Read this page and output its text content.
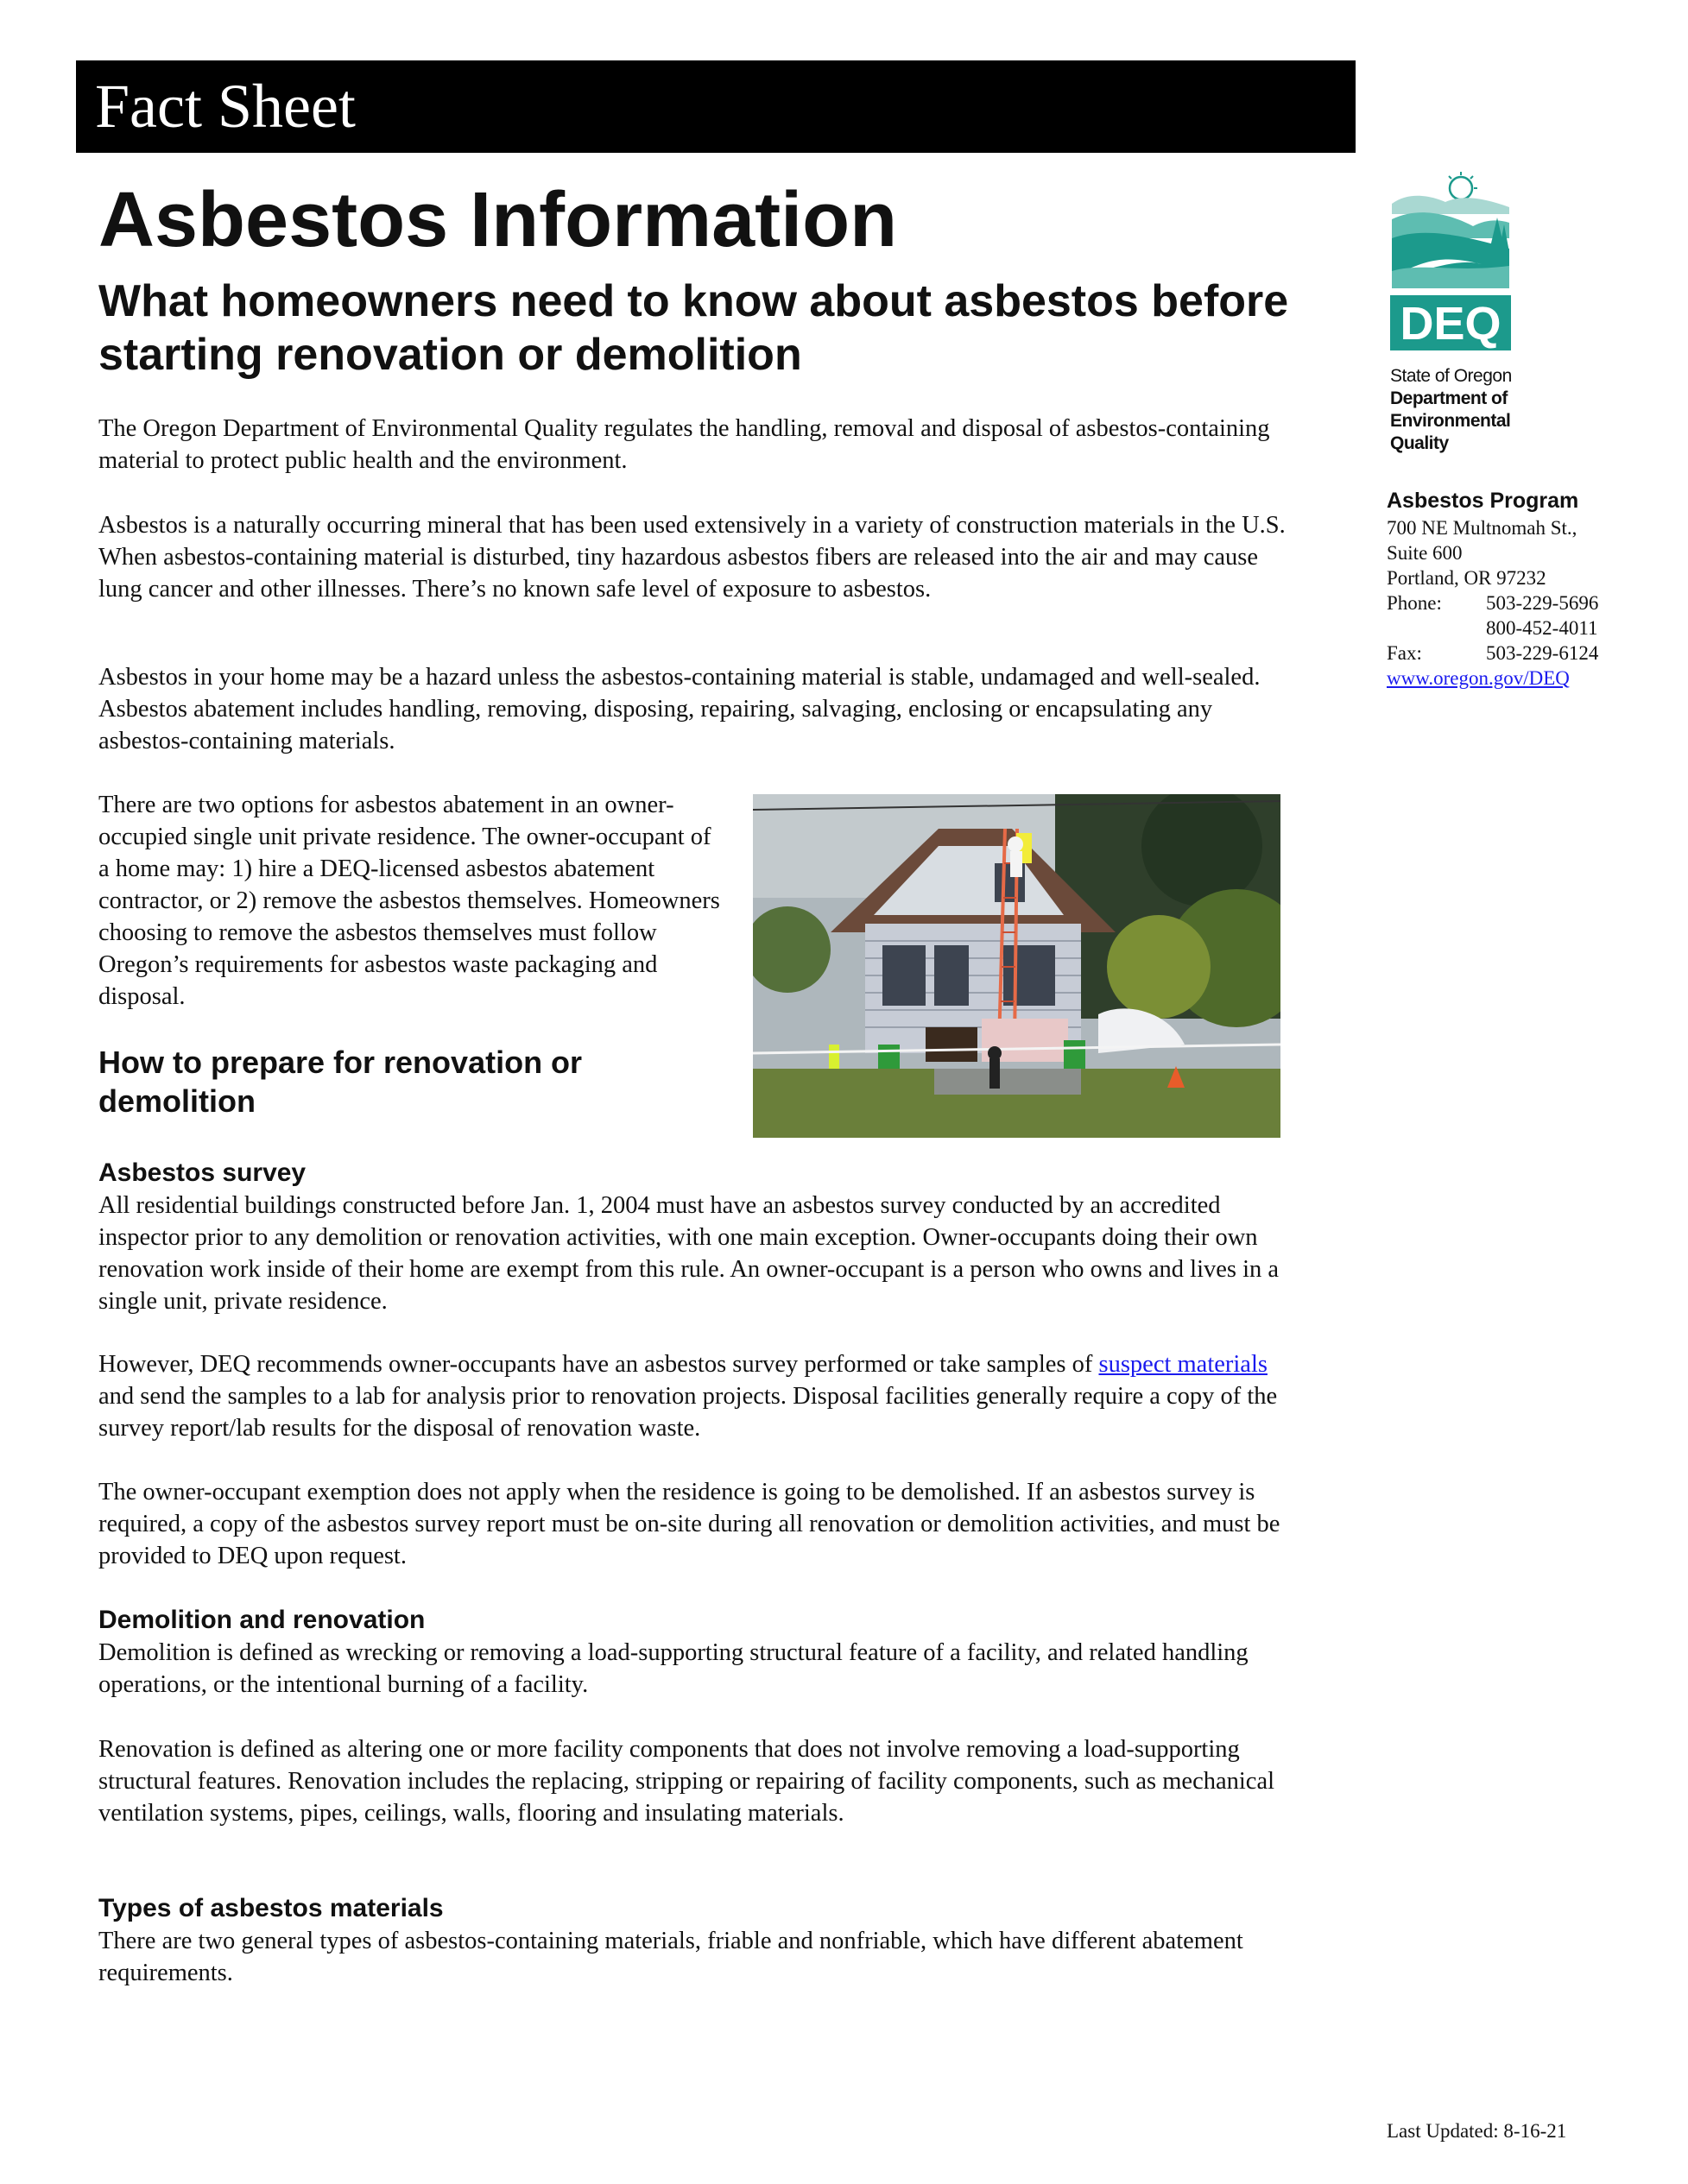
Fact Sheet
Asbestos Information
What homeowners need to know about asbestos before starting renovation or demolition

The Oregon Department of Environmental Quality regulates the handling, removal and disposal of asbestos-containing material to protect public health and the environment.

Asbestos is a naturally occurring mineral that has been used extensively in a variety of construction materials in the U.S. When asbestos-containing material is disturbed, tiny hazardous asbestos fibers are released into the air and may cause lung cancer and other illnesses. There’s no known safe level of exposure to asbestos.

Asbestos in your home may be a hazard unless the asbestos-containing material is stable, undamaged and well-sealed. Asbestos abatement includes handling, removing, disposing, repairing, salvaging, enclosing or encapsulating any asbestos-containing materials.

There are two options for asbestos abatement in an owner-occupied single unit private residence. The owner-occupant of a home may: 1) hire a DEQ-licensed asbestos abatement contractor, or 2) remove the asbestos themselves. Homeowners choosing to remove the asbestos themselves must follow Oregon’s requirements for asbestos waste packaging and disposal.

How to prepare for renovation or demolition
Asbestos survey

All residential buildings constructed before Jan. 1, 2004 must have an asbestos survey conducted by an accredited inspector prior to any demolition or renovation activities, with one main exception. Owner-occupants doing their own renovation work inside of their home are exempt from this rule. An owner-occupant is a person who owns and lives in a single unit, private residence.

However, DEQ recommends owner-occupants have an asbestos survey performed or take samples of suspect materials and send the samples to a lab for analysis prior to renovation projects. Disposal facilities generally require a copy of the survey report/lab results for the disposal of renovation waste.

The owner-occupant exemption does not apply when the residence is going to be demolished. If an asbestos survey is required, a copy of the asbestos survey report must be on-site during all renovation or demolition activities, and must be provided to DEQ upon request.

Demolition and renovation

Demolition is defined as wrecking or removing a load-supporting structural feature of a facility, and related handling operations, or the intentional burning of a facility.

Renovation is defined as altering one or more facility components that does not involve removing a load-supporting structural features. Renovation includes the replacing, stripping or repairing of facility components, such as mechanical ventilation systems, pipes, ceilings, walls, flooring and insulating materials.

Types of asbestos materials

There are two general types of asbestos-containing materials, friable and nonfriable, which have different abatement requirements.

DEQ
State of Oregon
Department of
Environmental
Quality
Asbestos Program
700 NE Multnomah St.,
Suite 600
Portland, OR 97232
Phone: 503-229-5696
800-452-4011
Fax:	503-229-6124
www.oregon.gov/DEQ
Last Updated: 8-16-21
